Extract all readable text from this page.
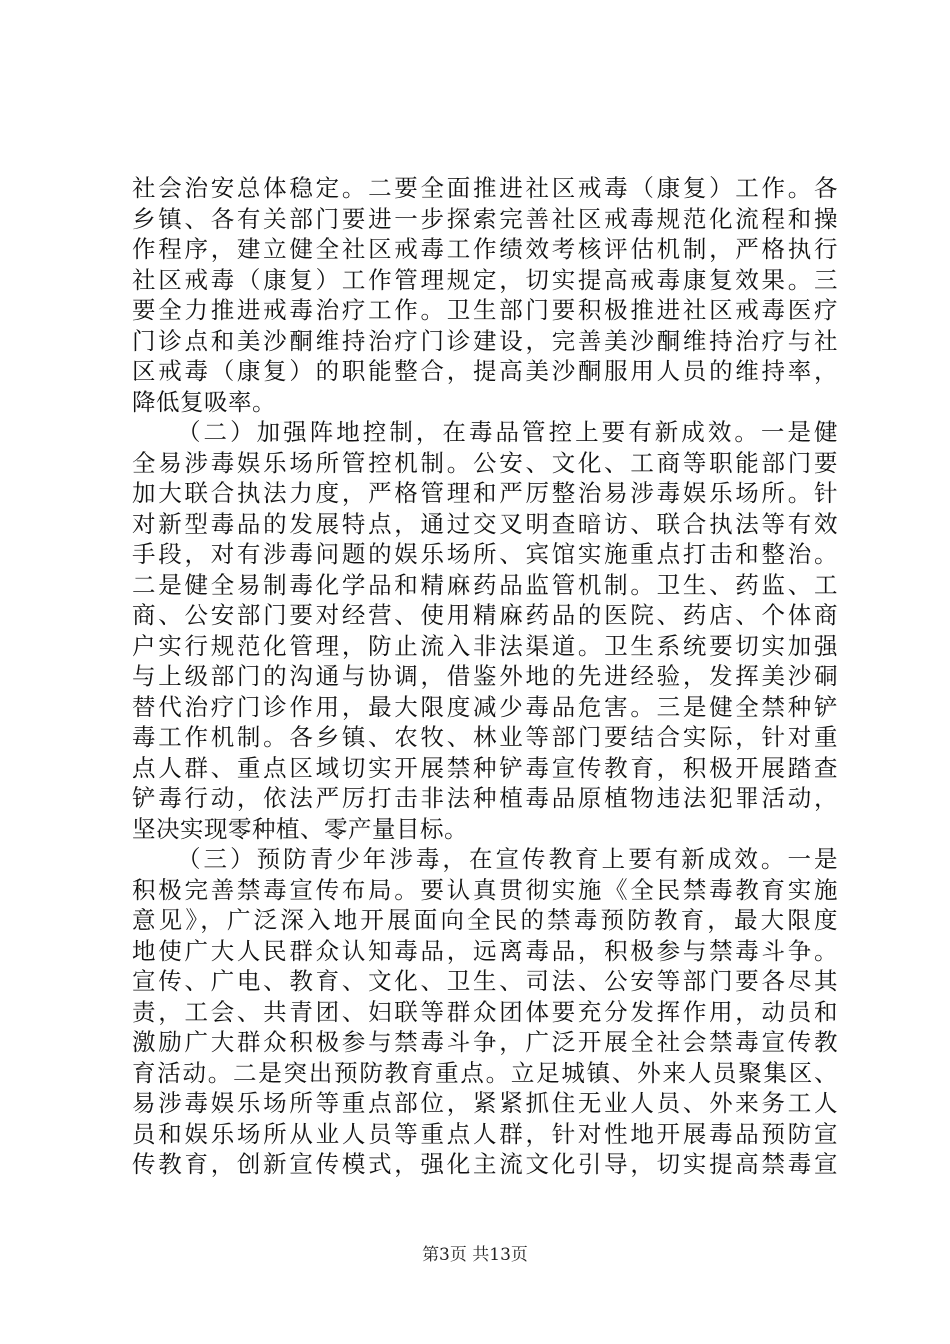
社会治安总体稳定。二要全面推进社区戒毒（康复）工作。各
乡镇、各有关部门要进一步探索完善社区戒毒规范化流程和操
作程序，建立健全社区戒毒工作绩效考核评估机制，严格执行
社区戒毒（康复）工作管理规定，切实提高戒毒康复效果。三
要全力推进戒毒治疗工作。卫生部门要积极推进社区戒毒医疗
门诊点和美沙酮维持治疗门诊建设，完善美沙酮维持治疗与社
区戒毒（康复）的职能整合，提高美沙酮服用人员的维持率，
降低复吸率。
（二）加强阵地控制，在毒品管控上要有新成效。一是健
全易涉毒娱乐场所管控机制。公安、文化、工商等职能部门要
加大联合执法力度，严格管理和严厉整治易涉毒娱乐场所。针
对新型毒品的发展特点，通过交叉明查暗访、联合执法等有效
手段，对有涉毒问题的娱乐场所、宾馆实施重点打击和整治。
二是健全易制毒化学品和精麻药品监管机制。卫生、药监、工
商、公安部门要对经营、使用精麻药品的医院、药店、个体商
户实行规范化管理，防止流入非法渠道。卫生系统要切实加强
与上级部门的沟通与协调，借鉴外地的先进经验，发挥美沙硐
替代治疗门诊作用，最大限度减少毒品危害。三是健全禁种铲
毒工作机制。各乡镇、农牧、林业等部门要结合实际，针对重
点人群、重点区域切实开展禁种铲毒宣传教育，积极开展踏查
铲毒行动，依法严厉打击非法种植毒品原植物违法犯罪活动，
坚决实现零种植、零产量目标。
（三）预防青少年涉毒，在宣传教育上要有新成效。一是
积极完善禁毒宣传布局。要认真贯彻实施《全民禁毒教育实施
意见》，广泛深入地开展面向全民的禁毒预防教育，最大限度
地使广大人民群众认知毒品，远离毒品，积极参与禁毒斗争。
宣传、广电、教育、文化、卫生、司法、公安等部门要各尽其
责，工会、共青团、妇联等群众团体要充分发挥作用，动员和
激励广大群众积极参与禁毒斗争，广泛开展全社会禁毒宣传教
育活动。二是突出预防教育重点。立足城镇、外来人员聚集区、
易涉毒娱乐场所等重点部位，紧紧抓住无业人员、外来务工人
员和娱乐场所从业人员等重点人群，针对性地开展毒品预防宣
传教育，创新宣传模式，强化主流文化引导，切实提高禁毒宣
第3页 共13页
